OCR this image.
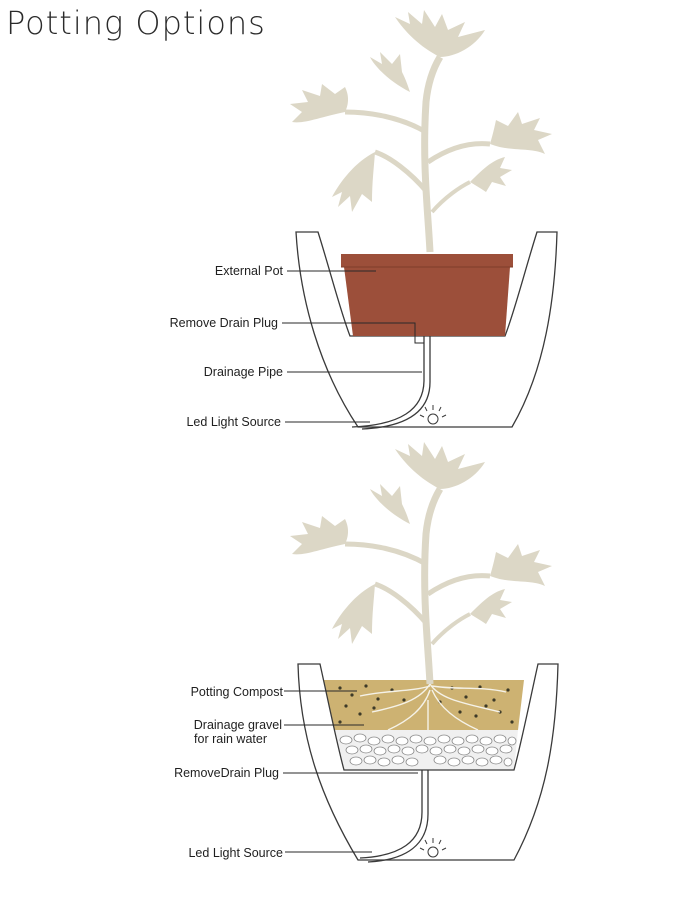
Potting Options
External Pot
Remove Drain Plug
Drainage Pipe
Led Light Source
Potting Compost
Drainage gravel
for rain water
RemoveDrain Plug
Led Light Source
